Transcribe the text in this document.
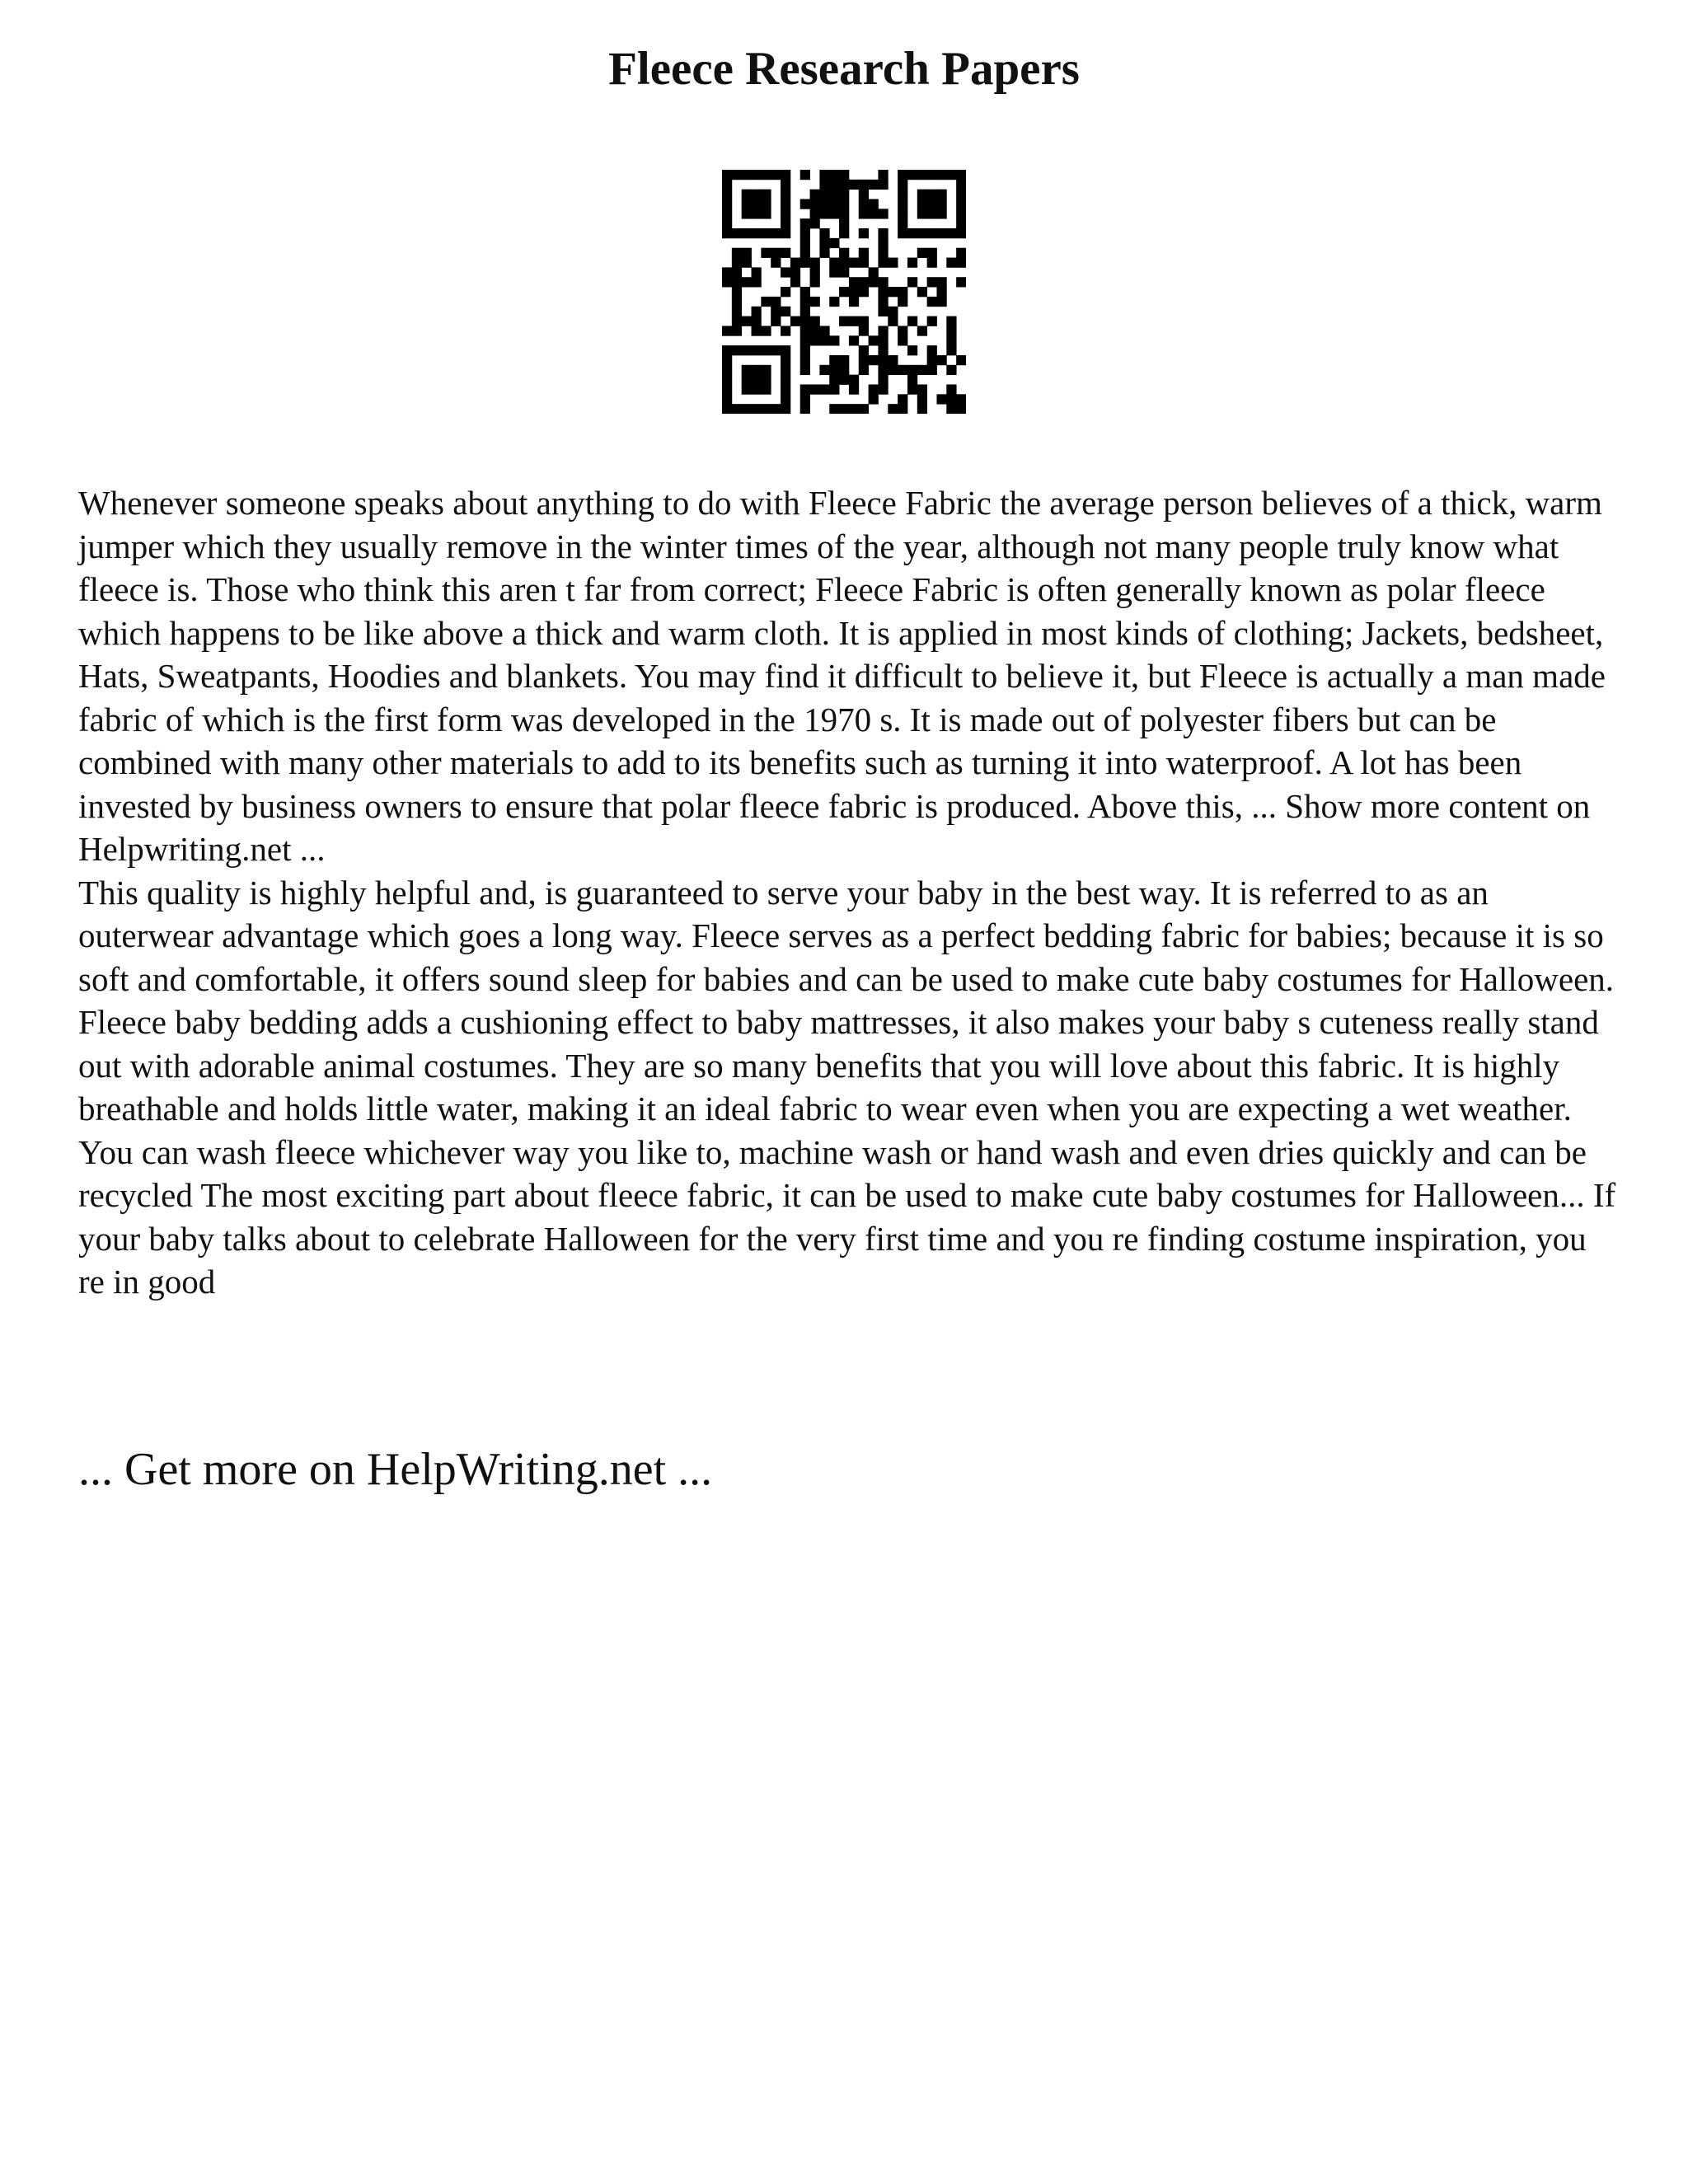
Fleece Research Papers

Whenever someone speaks about anything to do with Fleece Fabric the average person believes of a thick, warm jumper which they usually remove in the winter times of the year, although not many people truly know what fleece is. Those who think this aren t far from correct; Fleece Fabric is often generally known as polar fleece which happens to be like above a thick and warm cloth. It is applied in most kinds of clothing; Jackets, bedsheet, Hats, Sweatpants, Hoodies and blankets. You may find it difficult to believe it, but Fleece is actually a man made fabric of which is the first form was developed in the 1970 s. It is made out of polyester fibers but can be combined with many other materials to add to its benefits such as turning it into waterproof. A lot has been invested by business owners to ensure that polar fleece fabric is produced. Above this, ... Show more content on Helpwriting.net ...

This quality is highly helpful and, is guaranteed to serve your baby in the best way. It is referred to as an outerwear advantage which goes a long way. Fleece serves as a perfect bedding fabric for babies; because it is so soft and comfortable, it offers sound sleep for babies and can be used to make cute baby costumes for Halloween. Fleece baby bedding adds a cushioning effect to baby mattresses, it also makes your baby s cuteness really stand out with adorable animal costumes. They are so many benefits that you will love about this fabric. It is highly breathable and holds little water, making it an ideal fabric to wear even when you are expecting a wet weather. You can wash fleece whichever way you like to, machine wash or hand wash and even dries quickly and can be recycled The most exciting part about fleece fabric, it can be used to make cute baby costumes for Halloween... If your baby talks about to celebrate Halloween for the very first time and you re finding costume inspiration, you re in good

... Get more on HelpWriting.net ...
